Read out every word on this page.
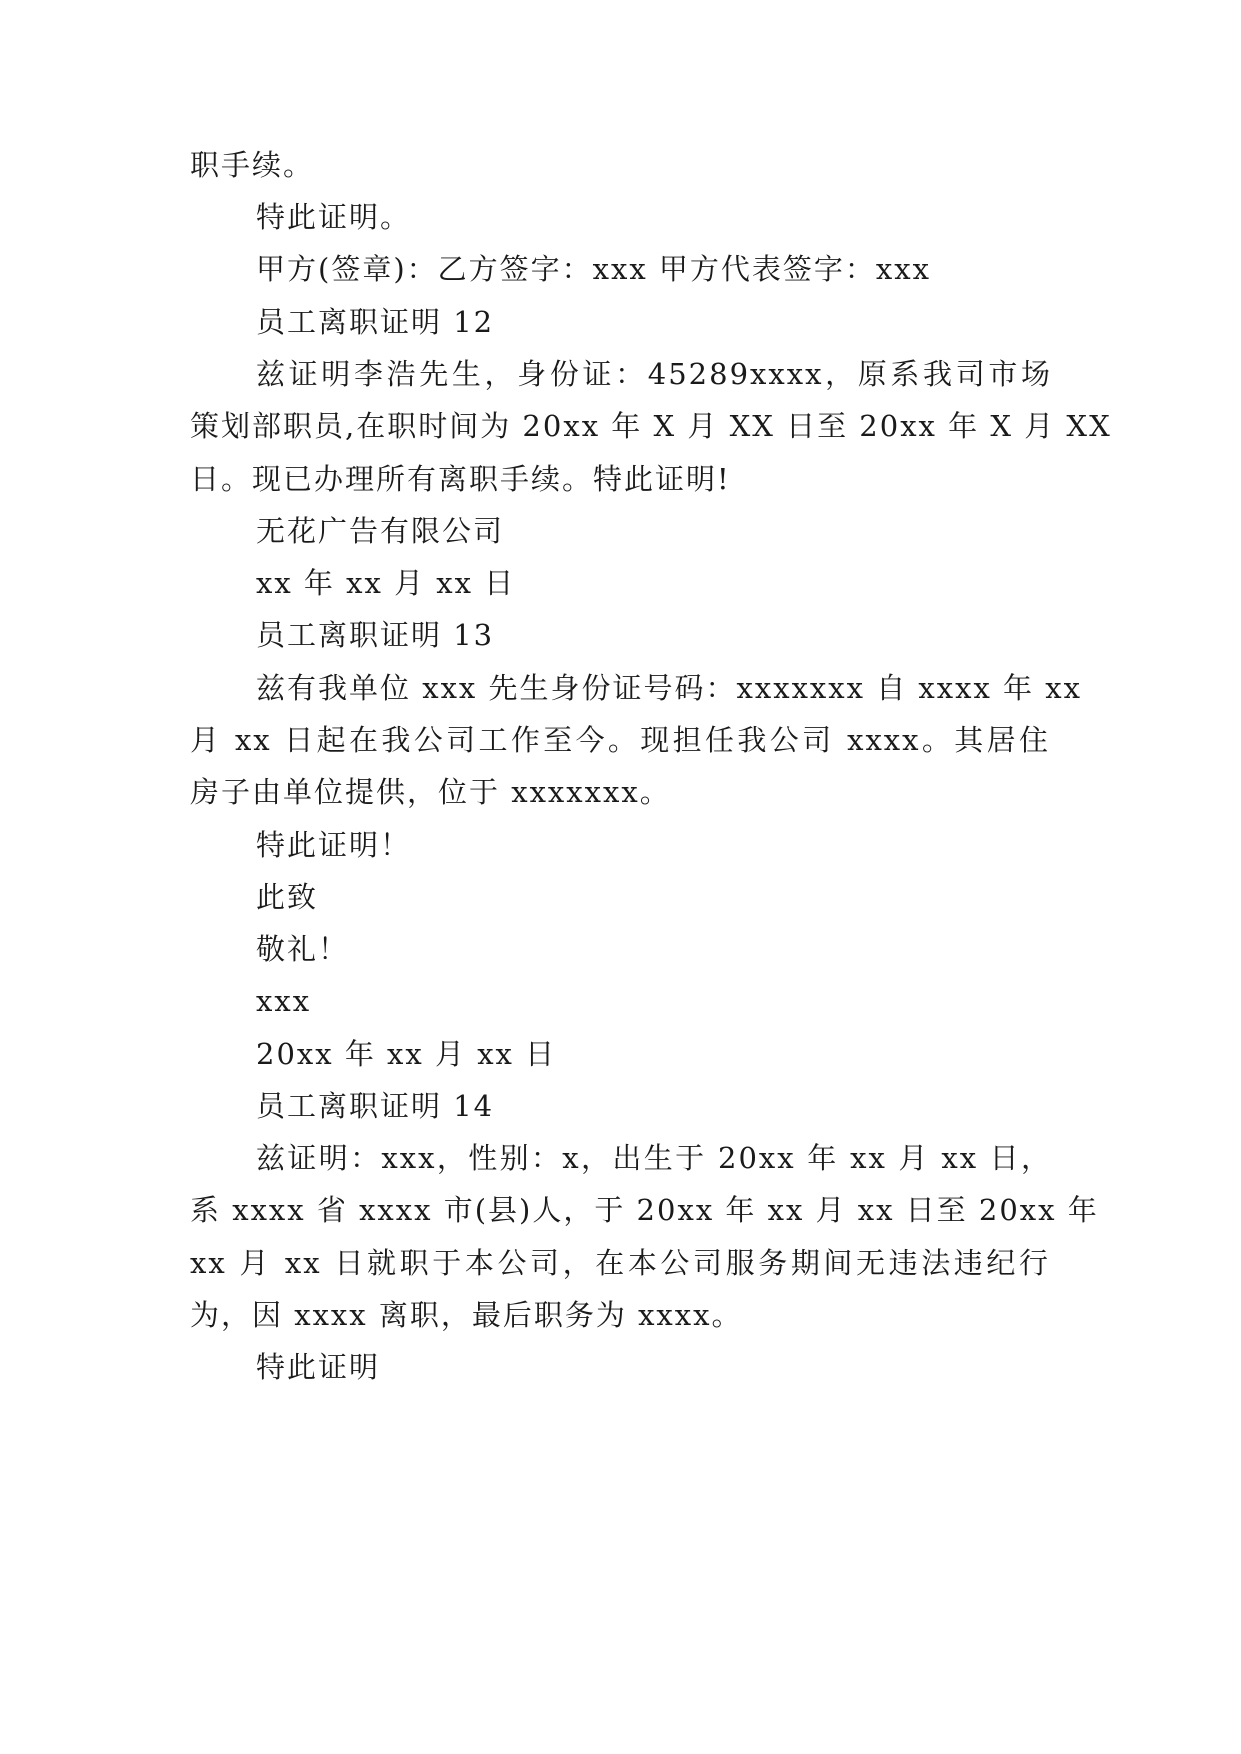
职手续。
特此证明。
甲方(签章)：乙方签字：xxx 甲方代表签字：xxx
员工离职证明 12
兹证明李浩先生，身份证：45289xxxx，原系我司市场
策划部职员,在职时间为 20xx 年 X 月 XX 日至 20xx 年 X 月 XX
日。现已办理所有离职手续。特此证明!
无花广告有限公司
xx 年 xx 月 xx 日
员工离职证明 13
兹有我单位 xxx 先生身份证号码：xxxxxxx 自 xxxx 年 xx
月 xx 日起在我公司工作至今。现担任我公司 xxxx。其居住
房子由单位提供，位于 xxxxxxx。
特此证明！
此致
敬礼！
xxx
20xx 年 xx 月 xx 日
员工离职证明 14
兹证明：xxx，性别：x，出生于 20xx 年 xx 月 xx 日，
系 xxxx 省 xxxx 市(县)人，于 20xx 年 xx 月 xx 日至 20xx 年
xx 月 xx 日就职于本公司，在本公司服务期间无违法违纪行
为，因 xxxx 离职，最后职务为 xxxx。
特此证明
